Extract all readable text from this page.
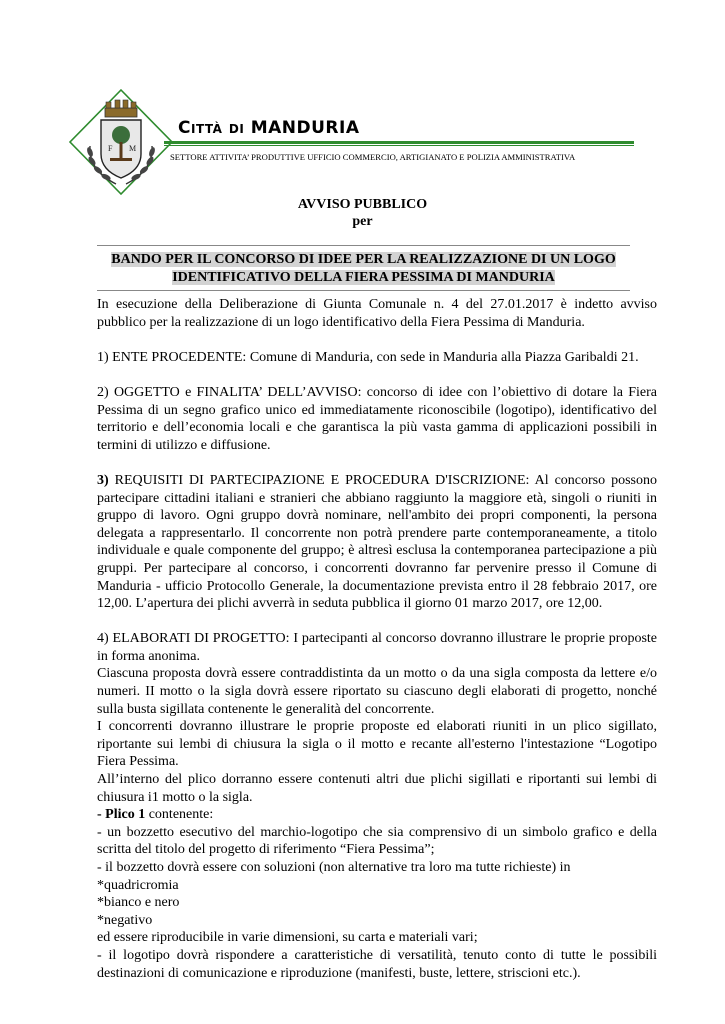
F M
Città di MANDURIA
SETTORE ATTIVITA’ PRODUTTIVE UFFICIO COMMERCIO, ARTIGIANATO E POLIZIA AMMINISTRATIVA
AVVISO PUBBLICO
per
BANDO PER IL CONCORSO DI IDEE PER LA REALIZZAZIONE DI UN LOGO
IDENTIFICATIVO DELLA FIERA PESSIMA DI MANDURIA

In esecuzione della Deliberazione di Giunta Comunale n. 4 del 27.01.2017 è indetto avviso pubblico per la realizzazione di un logo identificativo della Fiera Pessima di Manduria.

1) ENTE PROCEDENTE: Comune di Manduria, con sede in Manduria alla Piazza Garibaldi 21.

2) OGGETTO e FINALITA’ DELL’AVVISO: concorso di idee con l’obiettivo di dotare la Fiera Pessima di un segno grafico unico ed immediatamente riconoscibile (logotipo), identificativo del territorio e dell’economia locali e che garantisca la più vasta gamma di applicazioni possibili in termini di utilizzo e diffusione.

3) REQUISITI DI PARTECIPAZIONE E PROCEDURA D'ISCRIZIONE: Al concorso possono partecipare cittadini italiani e stranieri che abbiano raggiunto la maggiore età, singoli o riuniti in gruppo di lavoro. Ogni gruppo dovrà nominare, nell'ambito dei propri componenti, la persona delegata a rappresentarlo. Il concorrente non potrà prendere parte contemporaneamente, a titolo individuale e quale componente del gruppo; è altresì esclusa la contemporanea partecipazione a più gruppi. Per partecipare al concorso, i concorrenti dovranno far pervenire presso il Comune di Manduria - ufficio Protocollo Generale, la documentazione prevista entro il 28 febbraio 2017, ore 12,00. L’apertura dei plichi avverrà in seduta pubblica il giorno 01 marzo 2017, ore 12,00.

4) ELABORATI DI PROGETTO: I partecipanti al concorso dovranno illustrare le proprie proposte in forma anonima.

Ciascuna proposta dovrà essere contraddistinta da un motto o da una sigla composta da lettere e/o numeri. II motto o la sigla dovrà essere riportato su ciascuno degli elaborati di progetto, nonché sulla busta sigillata contenente le generalità del concorrente.

I concorrenti dovranno illustrare le proprie proposte ed elaborati riuniti in un plico sigillato, riportante sui lembi di chiusura la sigla o il motto e recante all'esterno l'intestazione “Logotipo Fiera Pessima.

All’interno del plico dorranno essere contenuti altri due plichi sigillati e riportanti sui lembi di chiusura i1 motto o la sigla.

- Plico 1 contenente:

- un bozzetto esecutivo del marchio-logotipo che sia comprensivo di un simbolo grafico e della scritta del titolo del progetto di riferimento “Fiera Pessima”;

- il bozzetto dovrà essere con soluzioni (non alternative tra loro ma tutte richieste) in

*quadricromia

*bianco e nero

*negativo

ed essere riproducibile in varie dimensioni, su carta e materiali vari;

- il logotipo dovrà rispondere a caratteristiche di versatilità, tenuto conto di tutte le possibili destinazioni di comunicazione e riproduzione (manifesti, buste, lettere, striscioni etc.).
